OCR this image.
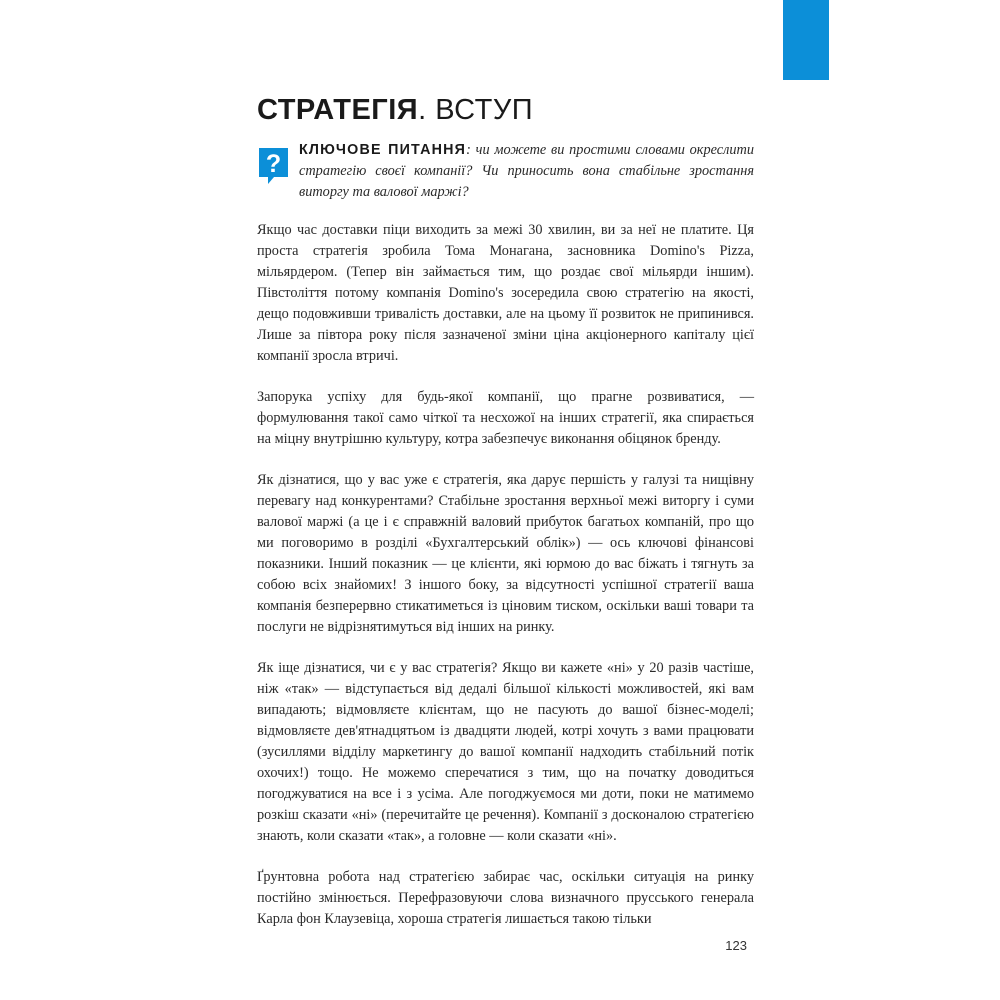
СТРАТЕГІЯ. ВСТУП
? КЛЮЧОВЕ ПИТАННЯ: чи можете ви простими словами окреслити стратегію своєї компанії? Чи приносить вона стабільне зростання виторгу та валової маржі?

Якщо час доставки піци виходить за межі 30 хвилин, ви за неї не платите. Ця проста стратегія зробила Тома Монагана, засновника Domino's Pizza, мільярдером. (Тепер він займається тим, що роздає свої мільярди іншим). Півстоліття потому компанія Domino's зосередила свою стратегію на якості, дещо подовживши тривалість доставки, але на цьому її розвиток не припинився. Лише за півтора року після зазначеної зміни ціна акціонерного капіталу цієї компанії зросла втричі.

Запорука успіху для будь-якої компанії, що прагне розвиватися, — формулювання такої само чіткої та несхожої на інших стратегії, яка спирається на міцну внутрішню культуру, котра забезпечує виконання обіцянок бренду.

Як дізнатися, що у вас уже є стратегія, яка дарує першість у галузі та нищівну перевагу над конкурентами? Стабільне зростання верхньої межі виторгу і суми валової маржі (а це і є справжній валовий прибуток багатьох компаній, про що ми поговоримо в розділі «Бухгалтерський облік») — ось ключові фінансові показники. Інший показник — це клієнти, які юрмою до вас біжать і тягнуть за собою всіх знайомих! З іншого боку, за відсутності успішної стратегії ваша компанія безперервно стикатиметься із ціновим тиском, оскільки ваші товари та послуги не відрізнятимуться від інших на ринку.

Як іще дізнатися, чи є у вас стратегія? Якщо ви кажете «ні» у 20 разів частіше, ніж «так» — відступається від дедалі більшої кількості можливостей, які вам випадають; відмовляєте клієнтам, що не пасують до вашої бізнес-моделі; відмовляєте дев'ятнадцятьом із двадцяти людей, котрі хочуть з вами працювати (зусиллями відділу маркетингу до вашої компанії надходить стабільний потік охочих!) тощо. Не можемо сперечатися з тим, що на початку доводиться погоджуватися на все і з усіма. Але погоджуємося ми доти, поки не матимемо розкіш сказати «ні» (перечитайте це речення). Компанії з досконалою стратегією знають, коли сказати «так», а головне — коли сказати «ні».

Ґрунтовна робота над стратегією забирає час, оскільки ситуація на ринку постійно змінюється. Перефразовуючи слова визначного прусського генерала Карла фон Клаузевіца, хороша стратегія лишається такою тільки

123
